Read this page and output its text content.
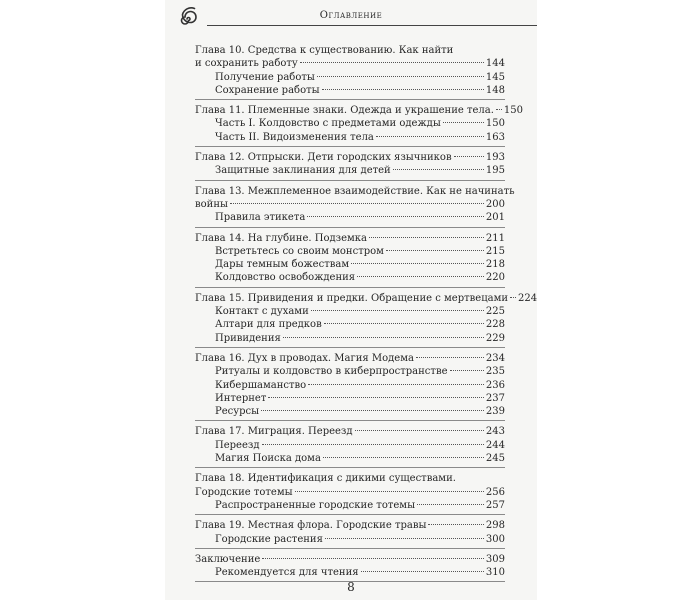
Оглавление
Глава 10. Средства к существованию. Как найти
и сохранить работу	144
Получение работы	145
Сохранение работы	148
Глава 11. Племенные знаки. Одежда и украшение тела. 150
Часть I. Колдовство с предметами одежды	150
Часть II. Видоизменения тела	163
Глава 12. Отпрыски. Дети городских язычников	193
Защитные заклинания для детей	195
Глава 13. Межплеменное взаимодействие. Как не начинать
войны	200
Правила этикета	201
Глава 14. На глубине. Подземка	211
Встретьтесь со своим монстром	215
Дары темным божествам	218
Колдовство освобождения	220
Глава 15. Привидения и предки. Обращение с мертвецами 224
Контакт с духами	225
Алтари для предков	228
Привидения	229
Глава 16. Дух в проводах. Магия Модема	234
Ритуалы и колдовство в киберпространстве	235
Кибершаманство	236
Интернет	237
Ресурсы	239
Глава 17. Миграция. Переезд	243
Переезд	244
Магия Поиска дома	245
Глава 18. Идентификация с дикими существами.
Городские тотемы	256
Распространенные городские тотемы	257
Глава 19. Местная флора. Городские травы	298
Городские растения	300
Заключение	309
Рекомендуется для чтения	310
8
